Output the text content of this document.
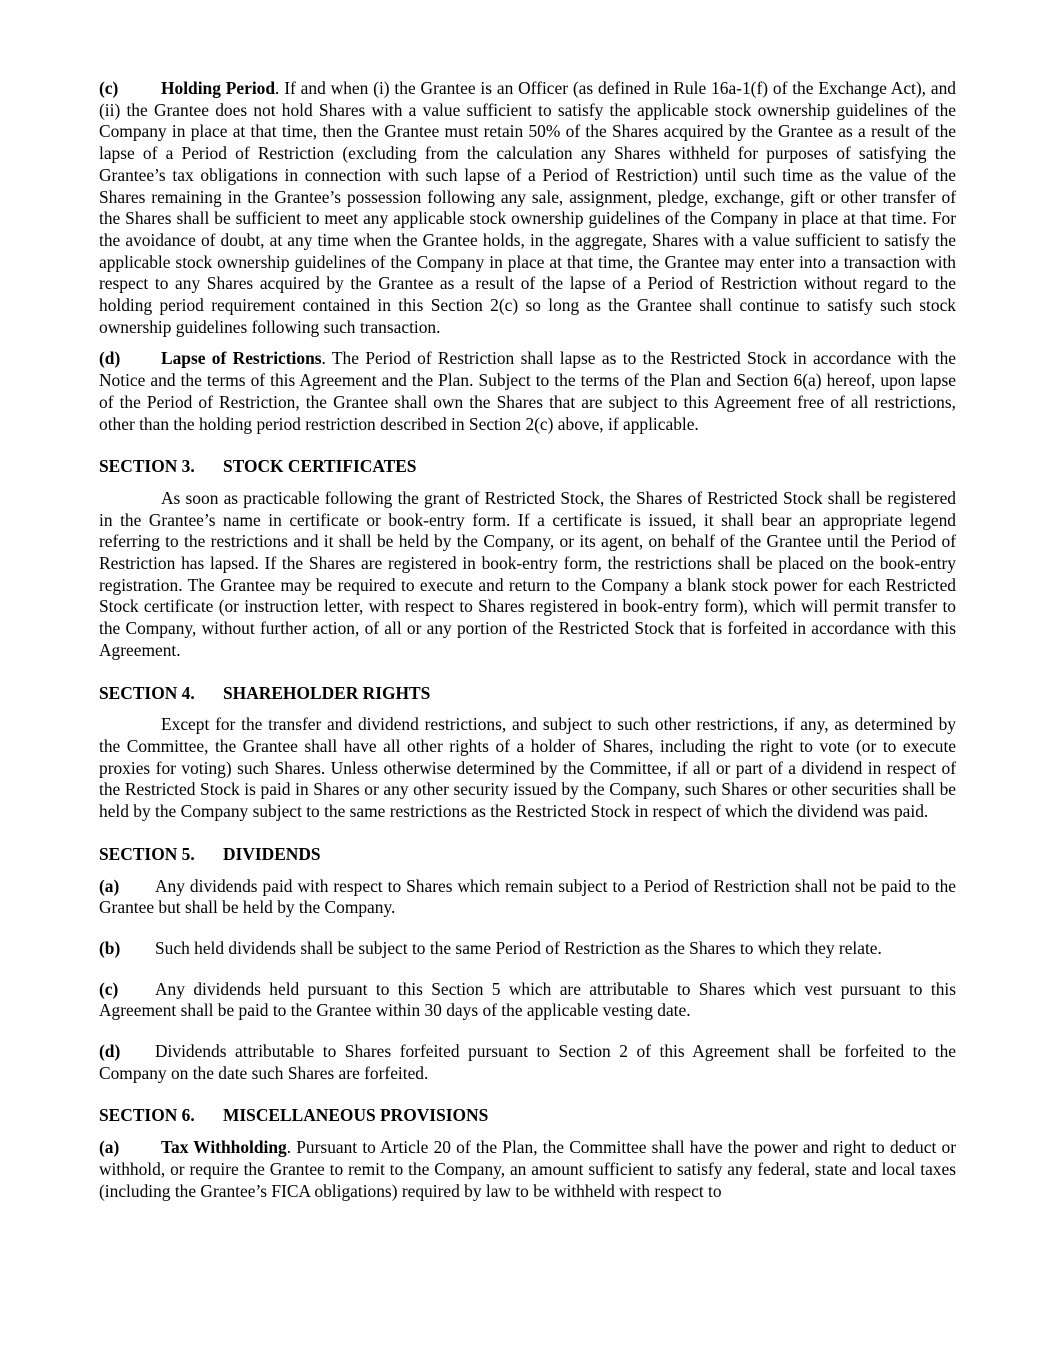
(c) Holding Period. If and when (i) the Grantee is an Officer (as defined in Rule 16a-1(f) of the Exchange Act), and (ii) the Grantee does not hold Shares with a value sufficient to satisfy the applicable stock ownership guidelines of the Company in place at that time, then the Grantee must retain 50% of the Shares acquired by the Grantee as a result of the lapse of a Period of Restriction (excluding from the calculation any Shares withheld for purposes of satisfying the Grantee’s tax obligations in connection with such lapse of a Period of Restriction) until such time as the value of the Shares remaining in the Grantee’s possession following any sale, assignment, pledge, exchange, gift or other transfer of the Shares shall be sufficient to meet any applicable stock ownership guidelines of the Company in place at that time. For the avoidance of doubt, at any time when the Grantee holds, in the aggregate, Shares with a value sufficient to satisfy the applicable stock ownership guidelines of the Company in place at that time, the Grantee may enter into a transaction with respect to any Shares acquired by the Grantee as a result of the lapse of a Period of Restriction without regard to the holding period requirement contained in this Section 2(c) so long as the Grantee shall continue to satisfy such stock ownership guidelines following such transaction.

(d) Lapse of Restrictions. The Period of Restriction shall lapse as to the Restricted Stock in accordance with the Notice and the terms of this Agreement and the Plan. Subject to the terms of the Plan and Section 6(a) hereof, upon lapse of the Period of Restriction, the Grantee shall own the Shares that are subject to this Agreement free of all restrictions, other than the holding period restriction described in Section 2(c) above, if applicable.

SECTION 3. STOCK CERTIFICATES

As soon as practicable following the grant of Restricted Stock, the Shares of Restricted Stock shall be registered in the Grantee’s name in certificate or book-entry form. If a certificate is issued, it shall bear an appropriate legend referring to the restrictions and it shall be held by the Company, or its agent, on behalf of the Grantee until the Period of Restriction has lapsed. If the Shares are registered in book-entry form, the restrictions shall be placed on the book-entry registration. The Grantee may be required to execute and return to the Company a blank stock power for each Restricted Stock certificate (or instruction letter, with respect to Shares registered in book-entry form), which will permit transfer to the Company, without further action, of all or any portion of the Restricted Stock that is forfeited in accordance with this Agreement.

SECTION 4. SHAREHOLDER RIGHTS

Except for the transfer and dividend restrictions, and subject to such other restrictions, if any, as determined by the Committee, the Grantee shall have all other rights of a holder of Shares, including the right to vote (or to execute proxies for voting) such Shares. Unless otherwise determined by the Committee, if all or part of a dividend in respect of the Restricted Stock is paid in Shares or any other security issued by the Company, such Shares or other securities shall be held by the Company subject to the same restrictions as the Restricted Stock in respect of which the dividend was paid.

SECTION 5. DIVIDENDS

(a) Any dividends paid with respect to Shares which remain subject to a Period of Restriction shall not be paid to the Grantee but shall be held by the Company.

(b) Such held dividends shall be subject to the same Period of Restriction as the Shares to which they relate.

(c) Any dividends held pursuant to this Section 5 which are attributable to Shares which vest pursuant to this Agreement shall be paid to the Grantee within 30 days of the applicable vesting date.

(d) Dividends attributable to Shares forfeited pursuant to Section 2 of this Agreement shall be forfeited to the Company on the date such Shares are forfeited.

SECTION 6. MISCELLANEOUS PROVISIONS

(a) Tax Withholding. Pursuant to Article 20 of the Plan, the Committee shall have the power and right to deduct or withhold, or require the Grantee to remit to the Company, an amount sufficient to satisfy any federal, state and local taxes (including the Grantee’s FICA obligations) required by law to be withheld with respect to
